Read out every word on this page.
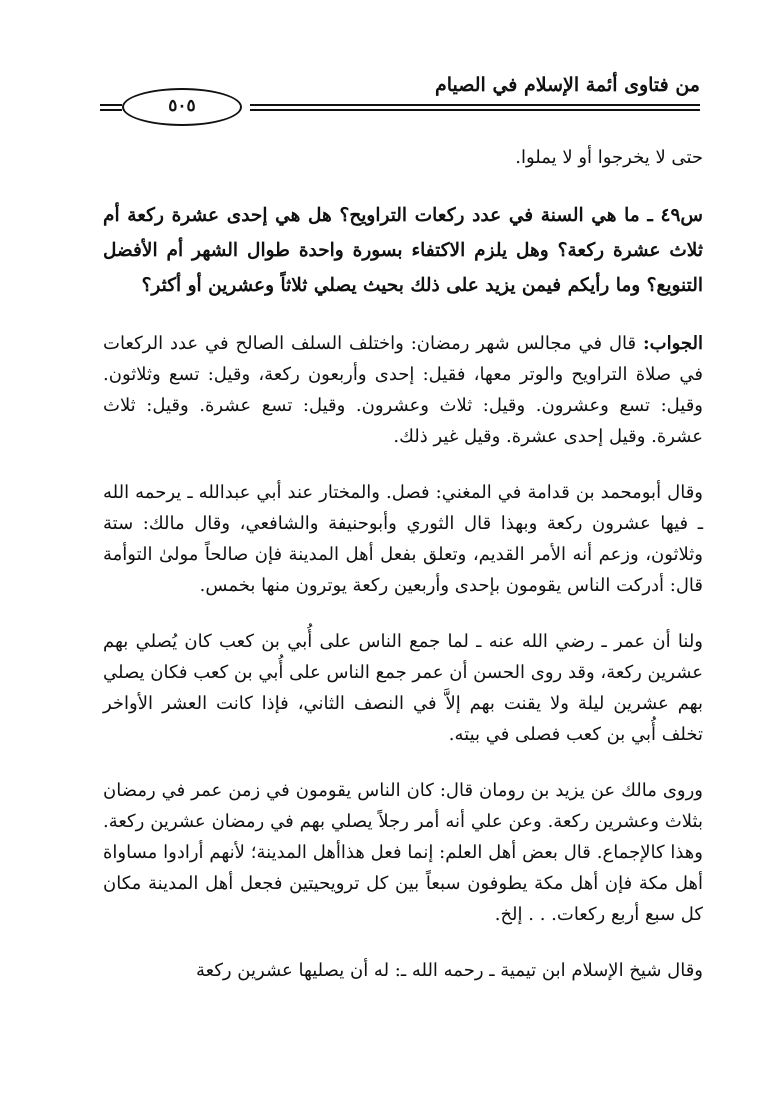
من فتاوى أئمة الإسلام في الصيام
٥٠٥

حتى لا يخرجوا أو لا يملوا.

س٤٩ ـ ما هي السنة في عدد ركعات التراويح؟ هل هي إحدى عشرة ركعة أم ثلاث عشرة ركعة؟ وهل يلزم الاكتفاء بسورة واحدة طوال الشهر أم الأفضل التنويع؟ وما رأيكم فيمن يزيد على ذلك بحيث يصلي ثلاثاً وعشرين أو أكثر؟

الجواب: قال في مجالس شهر رمضان: واختلف السلف الصالح في عدد الركعات في صلاة التراويح والوتر معها، فقيل: إحدى وأربعون ركعة، وقيل: تسع وثلاثون. وقيل: تسع وعشرون. وقيل: ثلاث وعشرون. وقيل: تسع عشرة. وقيل: ثلاث عشرة. وقيل إحدى عشرة. وقيل غير ذلك.

وقال أبومحمد بن قدامة في المغني: فصل. والمختار عند أبي عبدالله ـ يرحمه الله ـ فيها عشرون ركعة وبهذا قال الثوري وأبوحنيفة والشافعي، وقال مالك: ستة وثلاثون، وزعم أنه الأمر القديم، وتعلق بفعل أهل المدينة فإن صالحاً مولىٰ التوأمة قال: أدركت الناس يقومون بإحدى وأربعين ركعة يوترون منها بخمس.

ولنا أن عمر ـ رضي الله عنه ـ لما جمع الناس على أُبي بن كعب كان يُصلي بهم عشرين ركعة، وقد روى الحسن أن عمر جمع الناس على أُبي بن كعب فكان يصلي بهم عشرين ليلة ولا يقنت بهم إلاَّ في النصف الثاني، فإذا كانت العشر الأواخر تخلف أُبي بن كعب فصلى في بيته.

وروى مالك عن يزيد بن رومان قال: كان الناس يقومون في زمن عمر في رمضان بثلاث وعشرين ركعة. وعن علي أنه أمر رجلاً يصلي بهم في رمضان عشرين ركعة. وهذا كالإجماع. قال بعض أهل العلم: إنما فعل هذاأهل المدينة؛ لأنهم أرادوا مساواة أهل مكة فإن أهل مكة يطوفون سبعاً بين كل ترويحيتين فجعل أهل المدينة مكان كل سبع أربع ركعات. . . إلخ.

وقال شيخ الإسلام ابن تيمية ـ رحمه الله ـ: له أن يصليها عشرين ركعة
